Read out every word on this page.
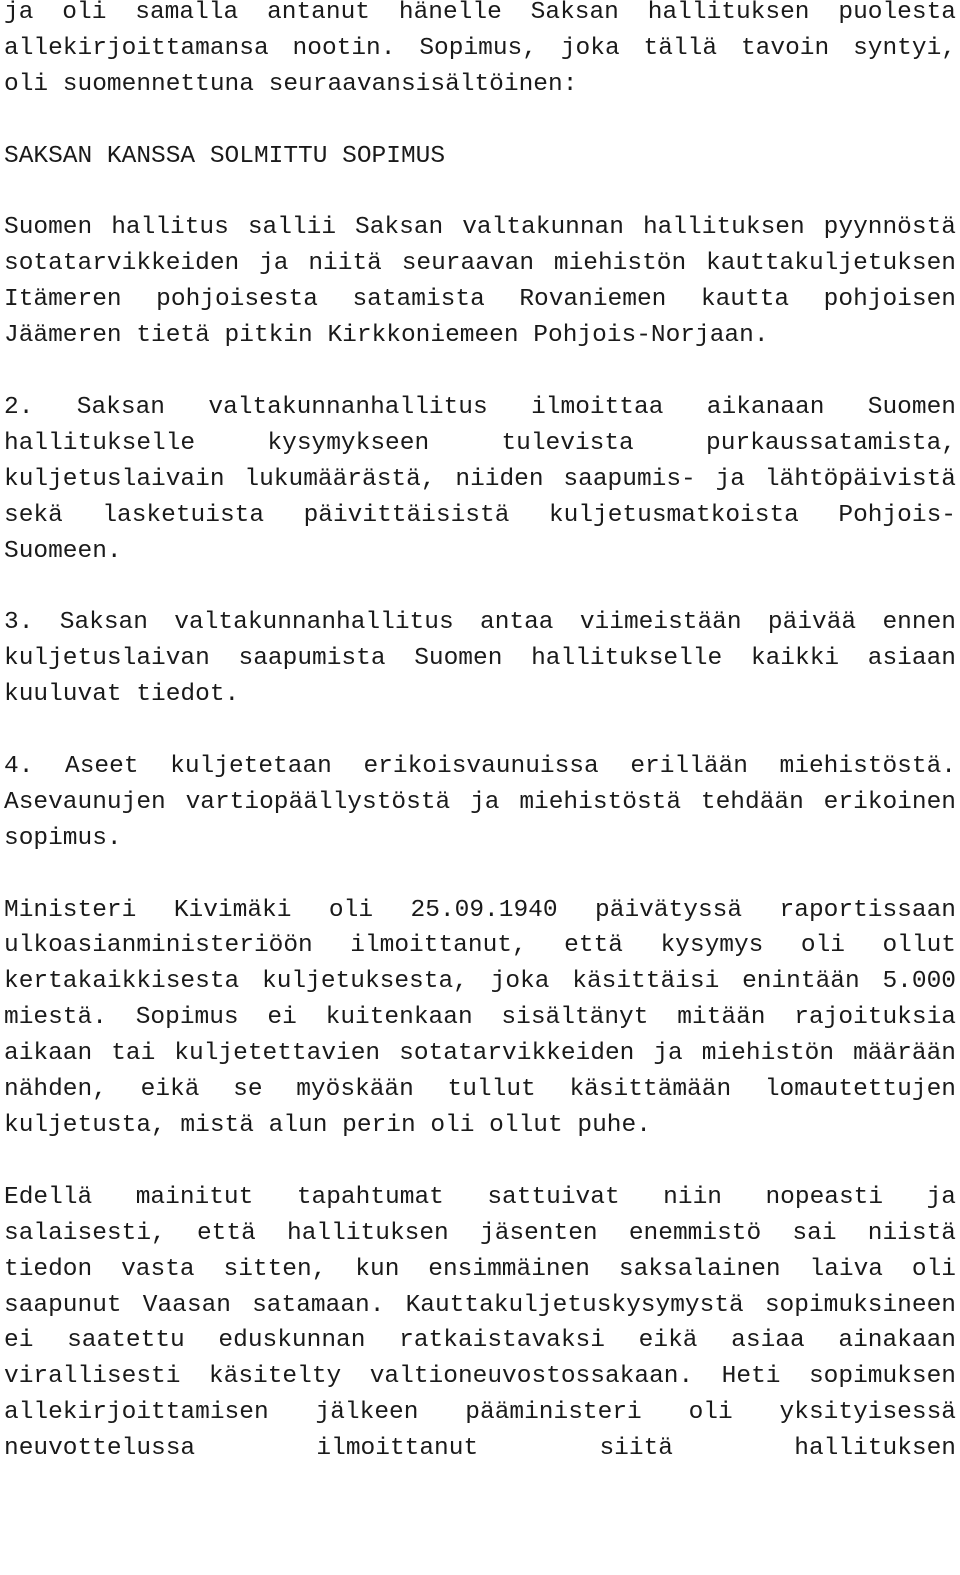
ja oli samalla antanut hänelle Saksan hallituksen puolesta allekirjoittamansa nootin. Sopimus, joka tällä tavoin syntyi, oli suomennettuna seuraavansisältöinen:

SAKSAN KANSSA SOLMITTU SOPIMUS

Suomen hallitus sallii Saksan valtakunnan hallituksen pyynnöstä sotatarvikkeiden ja niitä seuraavan miehistön kauttakuljetuksen Itämeren pohjoisesta satamista Rovaniemen kautta pohjoisen Jäämeren tietä pitkin Kirkkoniemeen Pohjois-Norjaan.

2. Saksan valtakunnanhallitus ilmoittaa aikanaan Suomen hallitukselle kysymykseen tulevista purkaussatamista, kuljetuslaivain lukumäärästä, niiden saapumis- ja lähtöpäivistä sekä lasketuista päivittäisistä kuljetusmatkoista Pohjois-Suomeen.

3. Saksan valtakunnanhallitus antaa viimeistään päivää ennen kuljetuslaivan saapumista Suomen hallitukselle kaikki asiaan kuuluvat tiedot.

4. Aseet kuljetetaan erikoisvaunuissa erillään miehistöstä. Asevaunujen vartiopäällystöstä ja miehistöstä tehdään erikoinen sopimus.

Ministeri Kivimäki oli 25.09.1940 päivätyssä raportissaan ulkoasianministeriöön ilmoittanut, että kysymys oli ollut kertakaikkisesta kuljetuksesta, joka käsittäisi enintään 5.000 miestä. Sopimus ei kuitenkaan sisältänyt mitään rajoituksia aikaan tai kuljetettavien sotatarvikkeiden ja miehistön määrään nähden, eikä se myöskään tullut käsittämään lomautettujen kuljetusta, mistä alun perin oli ollut puhe.

Edellä mainitut tapahtumat sattuivat niin nopeasti ja salaisesti, että hallituksen jäsenten enemmistö sai niistä tiedon vasta sitten, kun ensimmäinen saksalainen laiva oli saapunut Vaasan satamaan. Kauttakuljetuskysymystä sopimuksineen ei saatettu eduskunnan ratkaistavaksi eikä asiaa ainakaan virallisesti käsitelty valtioneuvostossakaan. Heti sopimuksen allekirjoittamisen jälkeen pääministeri oli yksityisessä neuvottelussa ilmoittanut siitä hallituksen
